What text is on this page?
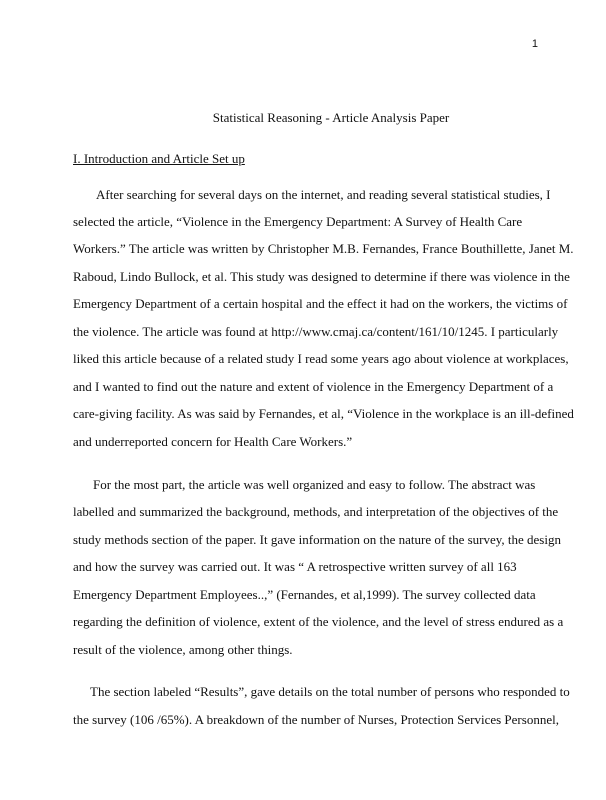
1
Statistical Reasoning - Article Analysis Paper
I. Introduction and Article Set up
After searching for several days on the internet, and reading several statistical studies, I
selected the article, “Violence in the Emergency Department: A Survey of Health Care
Workers.” The article was written by Christopher M.B. Fernandes, France Bouthillette, Janet M.
Raboud, Lindo Bullock, et al. This study was designed to determine if there was violence in the
Emergency Department of a certain hospital and the effect it had on the workers, the victims of
the violence. The article was found at http://www.cmaj.ca/content/161/10/1245. I particularly
liked this article because of a related study I read some years ago about violence at workplaces,
and I wanted to find out the nature and extent of violence in the Emergency Department of a
care-giving facility. As was said by Fernandes, et al, “Violence in the workplace is an ill-defined
and underreported concern for Health Care Workers.”
For the most part, the article was well organized and easy to follow. The abstract was
labelled and summarized the background, methods, and interpretation of the objectives of the
study methods section of the paper. It gave information on the nature of the survey, the design
and how the survey was carried out. It was “ A retrospective written survey of all 163
Emergency Department Employees..,” (Fernandes, et al,1999). The survey collected data
regarding the definition of violence, extent of the violence, and the level of stress endured as a
result of the violence, among other things.
The section labeled “Results”, gave details on the total number of persons who responded to
the survey (106 /65%). A breakdown of the number of Nurses, Protection Services Personnel,
